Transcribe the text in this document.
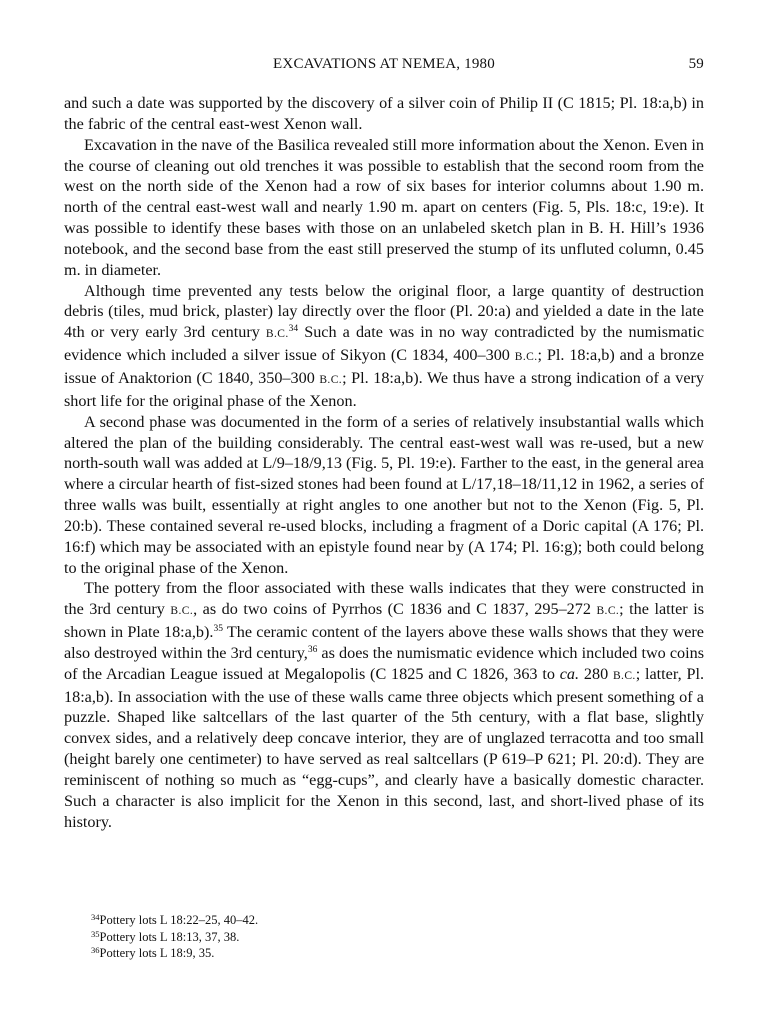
EXCAVATIONS AT NEMEA, 1980	59

and such a date was supported by the discovery of a silver coin of Philip II (C 1815; Pl. 18:a,b) in the fabric of the central east-west Xenon wall.

Excavation in the nave of the Basilica revealed still more information about the Xenon. Even in the course of cleaning out old trenches it was possible to establish that the second room from the west on the north side of the Xenon had a row of six bases for interior columns about 1.90 m. north of the central east-west wall and nearly 1.90 m. apart on centers (Fig. 5, Pls. 18:c, 19:e). It was possible to identify these bases with those on an unlabeled sketch plan in B. H. Hill’s 1936 notebook, and the second base from the east still preserved the stump of its unfluted column, 0.45 m. in diameter.

Although time prevented any tests below the original floor, a large quantity of destruction debris (tiles, mud brick, plaster) lay directly over the floor (Pl. 20:a) and yielded a date in the late 4th or very early 3rd century B.C.$^{34}$ Such a date was in no way contradicted by the numismatic evidence which included a silver issue of Sikyon (C 1834, 400–300 B.C.; Pl. 18:a,b) and a bronze issue of Anaktorion (C 1840, 350–300 B.C.; Pl. 18:a,b). We thus have a strong indication of a very short life for the original phase of the Xenon.

A second phase was documented in the form of a series of relatively insubstantial walls which altered the plan of the building considerably. The central east-west wall was re-used, but a new north-south wall was added at L/9–18/9,13 (Fig. 5, Pl. 19:e). Farther to the east, in the general area where a circular hearth of fist-sized stones had been found at L/17,18–18/11,12 in 1962, a series of three walls was built, essentially at right angles to one another but not to the Xenon (Fig. 5, Pl. 20:b). These contained several re-used blocks, including a fragment of a Doric capital (A 176; Pl. 16:f) which may be associated with an epistyle found near by (A 174; Pl. 16:g); both could belong to the original phase of the Xenon.

The pottery from the floor associated with these walls indicates that they were constructed in the 3rd century B.C., as do two coins of Pyrrhos (C 1836 and C 1837, 295–272 B.C.; the latter is shown in Plate 18:a,b).$^{35}$ The ceramic content of the layers above these walls shows that they were also destroyed within the 3rd century,$^{36}$ as does the numismatic evidence which included two coins of the Arcadian League issued at Megalopolis (C 1825 and C 1826, 363 to ca. 280 B.C.; latter, Pl. 18:a,b). In association with the use of these walls came three objects which present something of a puzzle. Shaped like saltcellars of the last quarter of the 5th century, with a flat base, slightly convex sides, and a relatively deep concave interior, they are of unglazed terracotta and too small (height barely one centimeter) to have served as real saltcellars (P 619–P 621; Pl. 20:d). They are reminiscent of nothing so much as “egg-cups”, and clearly have a basically domestic character. Such a character is also implicit for the Xenon in this second, last, and short-lived phase of its history.

$^{34}$Pottery lots L 18:22–25, 40–42.
$^{35}$Pottery lots L 18:13, 37, 38.
$^{36}$Pottery lots L 18:9, 35.
